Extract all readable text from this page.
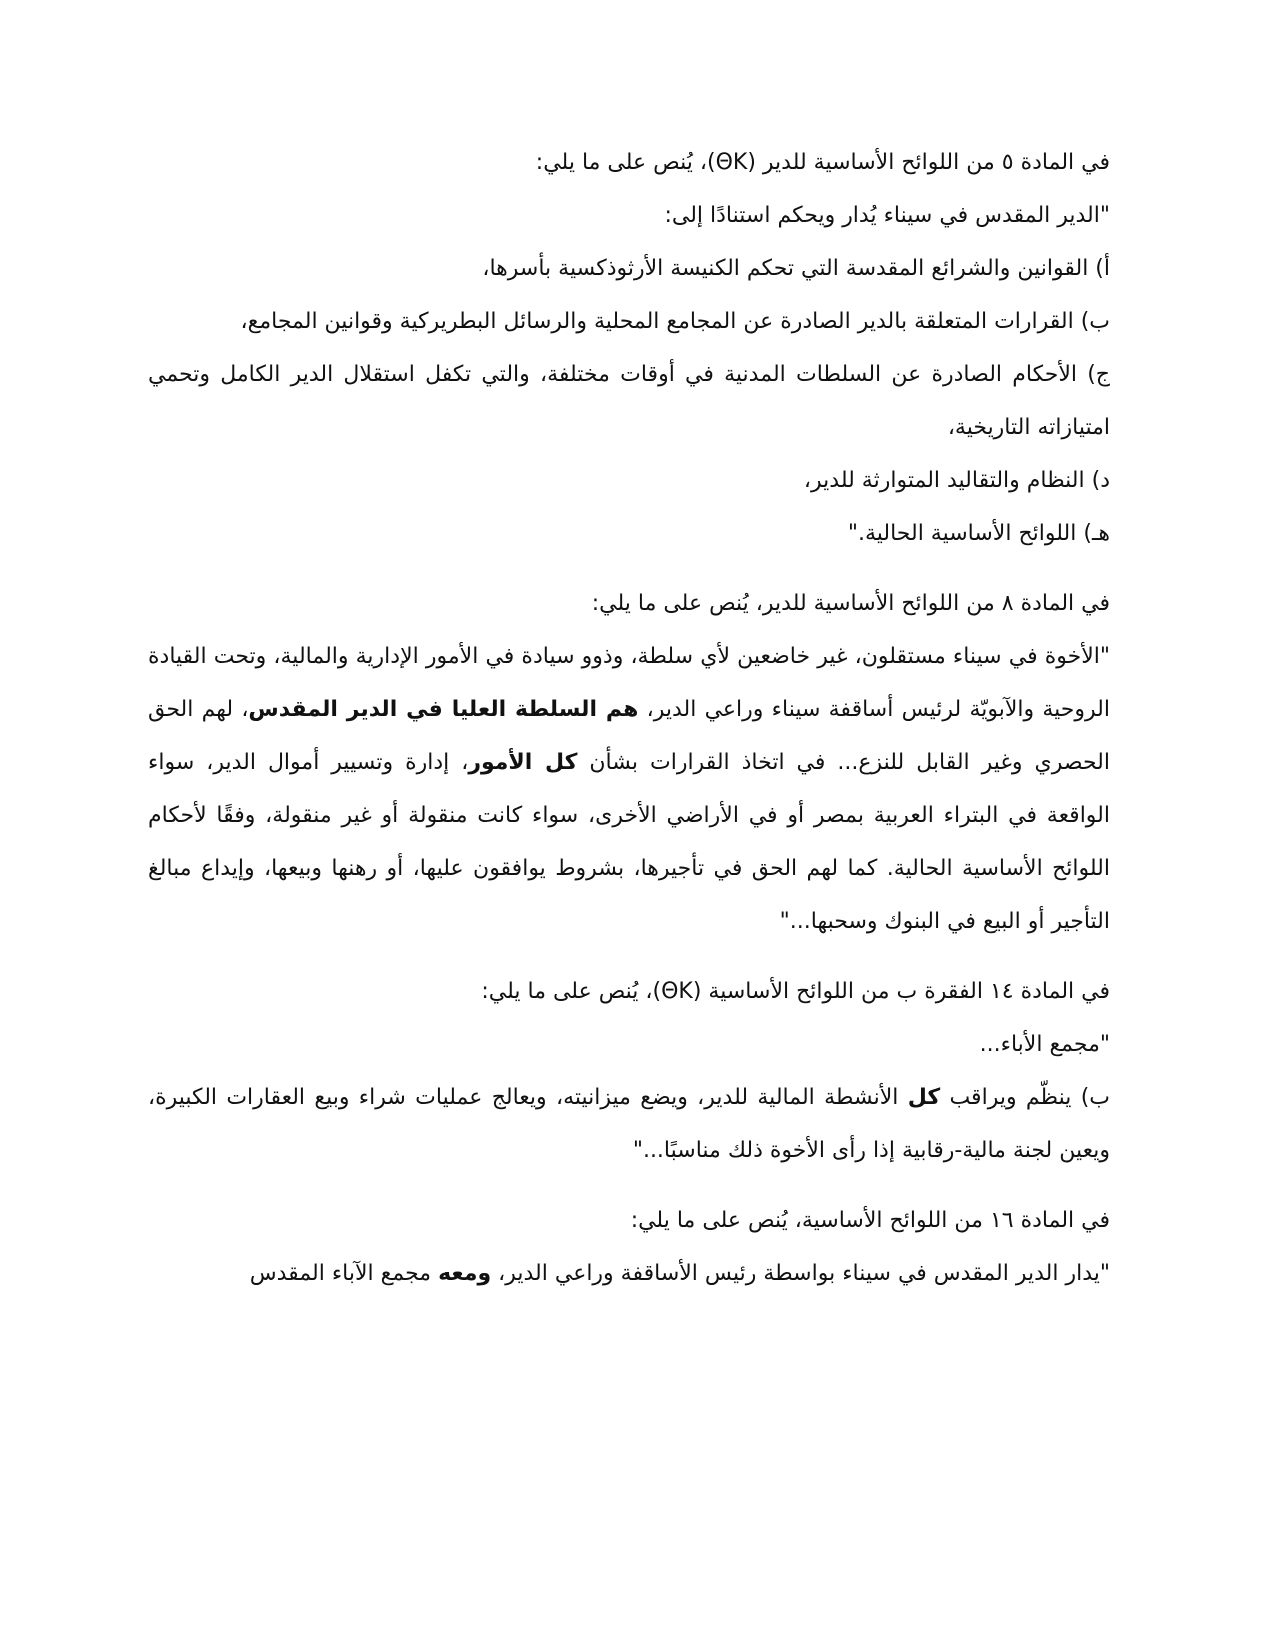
في المادة ٥ من اللوائح الأساسية للدير (ΘK)، يُنص على ما يلي:

"الدير المقدس في سيناء يُدار ويحكم استنادًا إلى:

أ) القوانين والشرائع المقدسة التي تحكم الكنيسة الأرثوذكسية بأسرها،

ب) القرارات المتعلقة بالدير الصادرة عن المجامع المحلية والرسائل البطريركية وقوانين المجامع،

ج) الأحكام الصادرة عن السلطات المدنية في أوقات مختلفة، والتي تكفل استقلال الدير الكامل وتحمي امتيازاته التاريخية،

د) النظام والتقاليد المتوارثة للدير،

هـ) اللوائح الأساسية الحالية."

في المادة ٨ من اللوائح الأساسية للدير، يُنص على ما يلي:

"الأخوة في سيناء مستقلون، غير خاضعين لأي سلطة، وذوو سيادة في الأمور الإدارية والمالية، وتحت القيادة الروحية والآبويّة لرئيس أساقفة سيناء وراعي الدير، هم السلطة العليا في الدير المقدس، لهم الحق الحصري وغير القابل للنزع... في اتخاذ القرارات بشأن كل الأمور، إدارة وتسيير أموال الدير، سواء الواقعة في البتراء العربية بمصر أو في الأراضي الأخرى، سواء كانت منقولة أو غير منقولة، وفقًا لأحكام اللوائح الأساسية الحالية. كما لهم الحق في تأجيرها، بشروط يوافقون عليها، أو رهنها وبيعها، وإيداع مبالغ التأجير أو البيع في البنوك وسحبها..."

في المادة ١٤ الفقرة ب من اللوائح الأساسية (ΘK)، يُنص على ما يلي:

"مجمع الأباء...

ب) ينظّم ويراقب كل الأنشطة المالية للدير، ويضع ميزانيته، ويعالج عمليات شراء وبيع العقارات الكبيرة، ويعين لجنة مالية-رقابية إذا رأى الأخوة ذلك مناسبًا..."

في المادة ١٦ من اللوائح الأساسية، يُنص على ما يلي:

"يدار الدير المقدس في سيناء بواسطة رئيس الأساقفة وراعي الدير، ومعه مجمع الآباء المقدس
